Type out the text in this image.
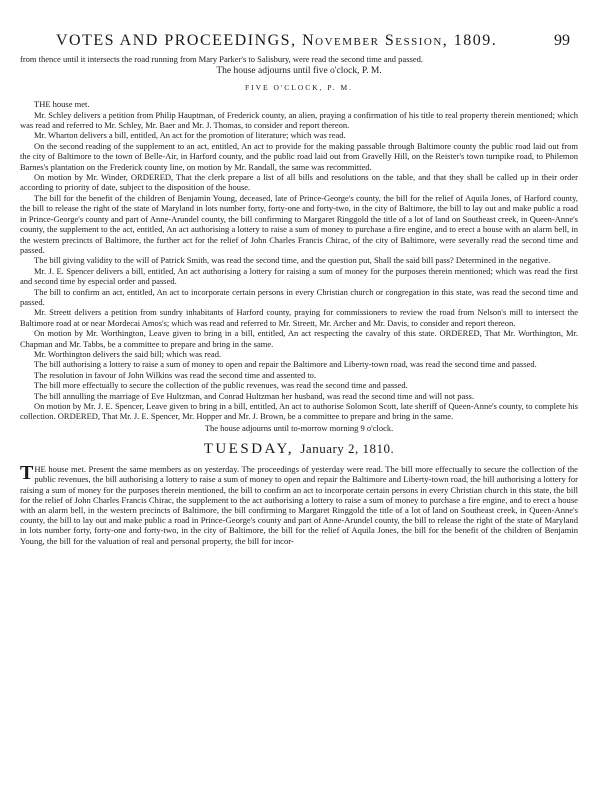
VOTES AND PROCEEDINGS, November Session, 1809.	99

from thence until it intersects the road running from Mary Parker's to Salisbury, were read the second time and passed.

The house adjourns until five o'clock, P. M.

FIVE O'CLOCK, P. M.

THE house met.

Mr. Schley delivers a petition from Philip Hauptman, of Frederick county, an alien, praying a confirmation of his title to real property therein mentioned; which was read and referred to Mr. Schley, Mr. Baer and Mr. J. Thomas, to consider and report thereon.

Mr. Wharton delivers a bill, entitled, An act for the promotion of literature; which was read.

On the second reading of the supplement to an act, entitled, An act to provide for the making passable through Baltimore county the public road laid out from the city of Baltimore to the town of Belle-Air, in Harford county, and the public road laid out from Gravelly Hill, on the Reister's town turnpike road, to Philemon Barnes's plantation on the Frederick county line, on motion by Mr. Randall, the same was recommitted.

On motion by Mr. Winder, ORDERED, That the clerk prepare a list of all bills and resolutions on the table, and that they shall be called up in their order according to priority of date, subject to the disposition of the house.

The bill for the benefit of the children of Benjamin Young, deceased, late of Prince-George's county, the bill for the relief of Aquila Jones, of Harford county, the bill to release the right of the state of Maryland in lots number forty, forty-one and forty-two, in the city of Baltimore, the bill to lay out and make public a road in Prince-George's county and part of Anne-Arundel county, the bill confirming to Margaret Ringgold the title of a lot of land on Southeast creek, in Queen-Anne's county, the supplement to the act, entitled, An act authorising a lottery to raise a sum of money to purchase a fire engine, and to erect a house with an alarm bell, in the western precincts of Baltimore, the further act for the relief of John Charles Francis Chirac, of the city of Baltimore, were severally read the second time and passed.

The bill giving validity to the will of Patrick Smith, was read the second time, and the question put, Shall the said bill pass? Determined in the negative.

Mr. J. E. Spencer delivers a bill, entitled, An act authorising a lottery for raising a sum of money for the purposes therein mentioned; which was read the first and second time by especial order and passed.

The bill to confirm an act, entitled, An act to incorporate certain persons in every Christian church or congregation in this state, was read the second time and passed.

Mr. Streett delivers a petition from sundry inhabitants of Harford county, praying for commissioners to review the road from Nelson's mill to intersect the Baltimore road at or near Mordecai Amos's; which was read and referred to Mr. Streett, Mr. Archer and Mr. Davis, to consider and report thereon.

On motion by Mr. Worthington, Leave given to bring in a bill, entitled, An act respecting the cavalry of this state. ORDERED, That Mr. Worthington, Mr. Chapman and Mr. Tabbs, be a committee to prepare and bring in the same.

Mr. Worthington delivers the said bill; which was read.

The bill authorising a lottery to raise a sum of money to open and repair the Baltimore and Liberty-town road, was read the second time and passed.

The resolution in favour of John Wilkins was read the second time and assented to.

The bill more effectually to secure the collection of the public revenues, was read the second time and passed.

The bill annulling the marriage of Eve Hultzman, and Conrad Hultzman her husband, was read the second time and will not pass.

On motion by Mr. J. E. Spencer, Leave given to bring in a bill, entitled, An act to authorise Solomon Scott, late sheriff of Queen-Anne's county, to complete his collection. ORDERED, That Mr. J. E. Spencer, Mr. Hopper and Mr. J. Brown, be a committee to prepare and bring in the same.

The house adjourns until to-morrow morning 9 o'clock.

TUESDAY, January 2, 1810.

THE house met. Present the same members as on yesterday. The proceedings of yesterday were read. The bill more effectually to secure the collection of the public revenues, the bill authorising a lottery to raise a sum of money to open and repair the Baltimore and Liberty-town road, the bill authorising a lottery for raising a sum of money for the purposes therein mentioned, the bill to confirm an act to incorporate certain persons in every Christian church in this state, the bill for the relief of John Charles Francis Chirac, the supplement to the act authorising a lottery to raise a sum of money to purchase a fire engine, and to erect a house with an alarm bell, in the western precincts of Baltimore, the bill confirming to Margaret Ringgold the title of a lot of land on Southeast creek, in Queen-Anne's county, the bill to lay out and make public a road in Prince-George's county and part of Anne-Arundel county, the bill to release the right of the state of Maryland in lots number forty, forty-one and forty-two, in the city of Baltimore, the bill for the relief of Aquila Jones, the bill for the benefit of the children of Benjamin Young, the bill for the valuation of real and personal property, the bill for incor-
